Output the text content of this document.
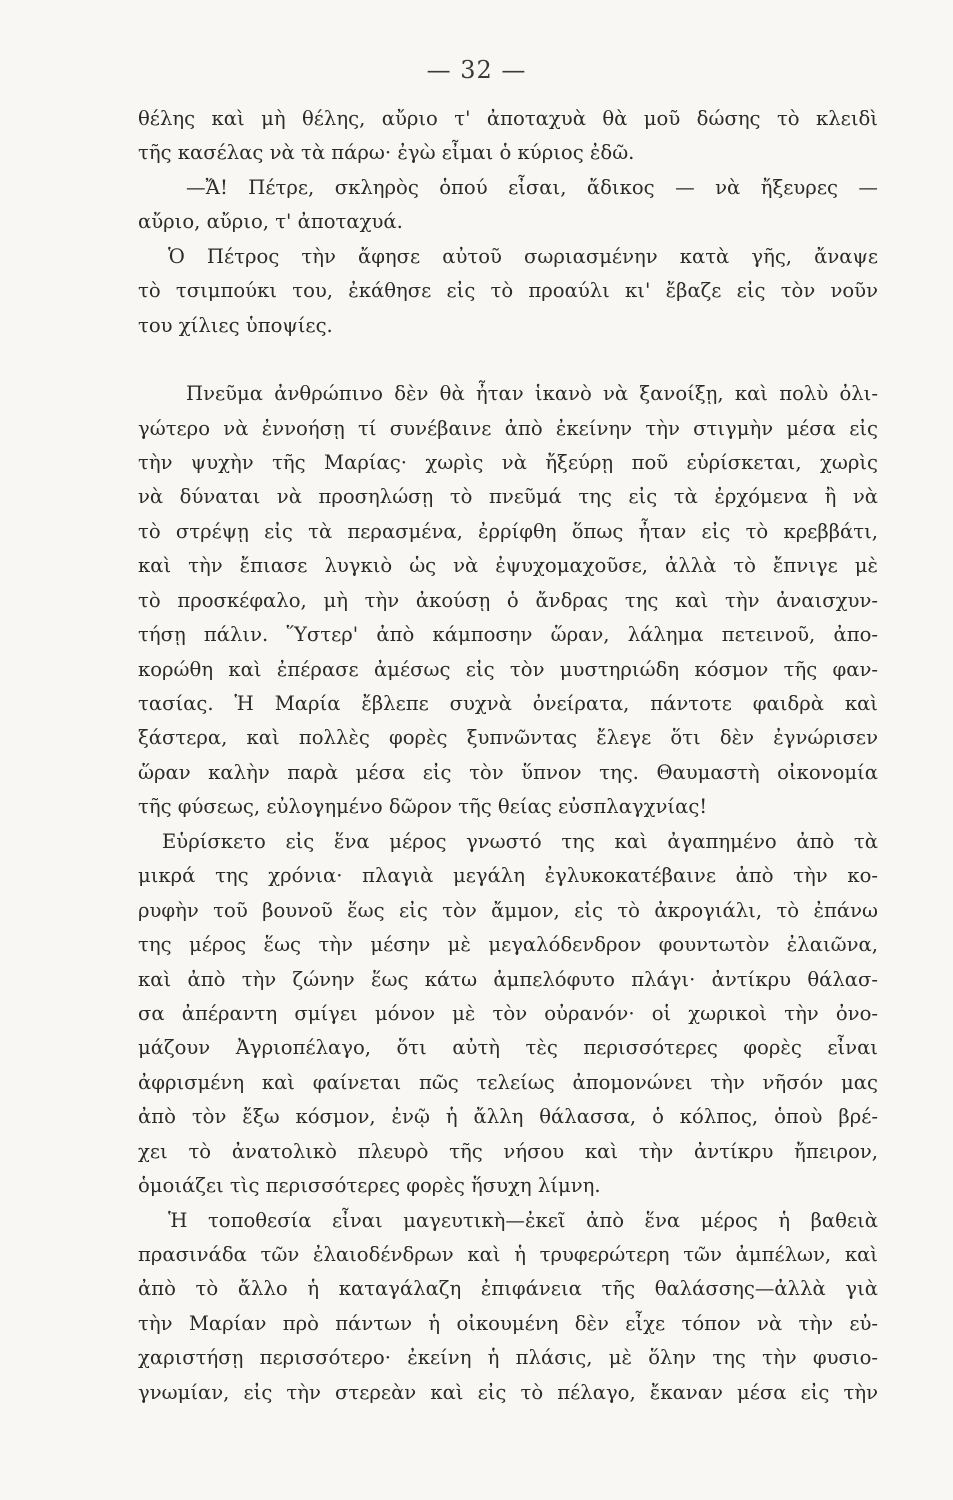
— 32 —
θέλης καὶ μὴ θέλης, αὔριο τ' ἀποταχυὰ θὰ μοῦ δώσης τὸ κλειδὶ
τῆς κασέλας νὰ τὰ πάρω· ἐγὼ εἶμαι ὁ κύριος ἐδῶ.
—Ἄ! Πέτρε, σκληρὸς ὁπού εἶσαι, ἄδικος — νὰ ἤξευρες —
αὔριο, αὔριο, τ' ἀποταχυά.
Ὁ Πέτρος τὴν ἄφησε αὐτοῦ σωριασμένην κατὰ γῆς, ἄναψε
τὸ τσιμπούκι του, ἐκάθησε εἰς τὸ προαύλι κι' ἔβαζε εἰς τὸν νοῦν
του χίλιες ὑποψίες.
Πνεῦμα ἀνθρώπινο δὲν θὰ ἦταν ἱκανὸ νὰ ξανοίξῃ, καὶ πολὺ ὀλι-
γώτερο νὰ ἐννοήσῃ τί συνέβαινε ἀπὸ ἐκείνην τὴν στιγμὴν μέσα εἰς
τὴν ψυχὴν τῆς Μαρίας· χωρὶς νὰ ἤξεύρῃ ποῦ εὑρίσκεται, χωρὶς
νὰ δύναται νὰ προσηλώσῃ τὸ πνεῦμά της εἰς τὰ ἐρχόμενα ἢ νὰ
τὸ στρέψῃ εἰς τὰ περασμένα, ἐρρίφθη ὅπως ἦταν εἰς τὸ κρεββάτι,
καὶ τὴν ἔπιασε λυγκιὸ ὡς νὰ ἐψυχομαχοῦσε, ἀλλὰ τὸ ἔπνιγε μὲ
τὸ προσκέφαλο, μὴ τὴν ἀκούσῃ ὁ ἄνδρας της καὶ τὴν ἀναισχυν-
τήσῃ πάλιν. Ὕστερ' ἀπὸ κάμποσην ὥραν, λάλημα πετεινοῦ, ἀπο-
κορώθη καὶ ἐπέρασε ἀμέσως εἰς τὸν μυστηριώδη κόσμον τῆς φαν-
τασίας. Ἡ Μαρία ἔβλεπε συχνὰ ὀνείρατα, πάντοτε φαιδρὰ καὶ
ξάστερα, καὶ πολλὲς φορὲς ξυπνῶντας ἔλεγε ὅτι δὲν ἐγνώρισεν
ὥραν καλὴν παρὰ μέσα εἰς τὸν ὕπνον της. Θαυμαστὴ οἰκονομία
τῆς φύσεως, εὐλογημένο δῶρον τῆς θείας εὐσπλαγχνίας!
Εὑρίσκετο εἰς ἕνα μέρος γνωστό της καὶ ἀγαπημένο ἀπὸ τὰ
μικρά της χρόνια· πλαγιὰ μεγάλη ἐγλυκοκατέβαινε ἀπὸ τὴν κο-
ρυφὴν τοῦ βουνοῦ ἕως εἰς τὸν ἄμμον, εἰς τὸ ἀκρογιάλι, τὸ ἐπάνω
της μέρος ἕως τὴν μέσην μὲ μεγαλόδενδρον φουντωτὸν ἐλαιῶνα,
καὶ ἀπὸ τὴν ζώνην ἕως κάτω ἀμπελόφυτο πλάγι· ἀντίκρυ θάλασ-
σα ἀπέραντη σμίγει μόνον μὲ τὸν οὐρανόν· οἱ χωρικοὶ τὴν ὀνο-
μάζουν Ἀγριοπέλαγο, ὅτι αὐτὴ τὲς περισσότερες φορὲς εἶναι
ἀφρισμένη καὶ φαίνεται πῶς τελείως ἀπομονώνει τὴν νῆσόν μας
ἀπὸ τὸν ἔξω κόσμον, ἐνῷ ἡ ἄλλη θάλασσα, ὁ κόλπος, ὁποὺ βρέ-
χει τὸ ἀνατολικὸ πλευρὸ τῆς νήσου καὶ τὴν ἀντίκρυ ἤπειρον,
ὁμοιάζει τὶς περισσότερες φορὲς ἥσυχη λίμνη.
Ἡ τοποθεσία εἶναι μαγευτικὴ—ἐκεῖ ἀπὸ ἕνα μέρος ἡ βαθειὰ
πρασινάδα τῶν ἐλαιοδένδρων καὶ ἡ τρυφερώτερη τῶν ἀμπέλων, καὶ
ἀπὸ τὸ ἄλλο ἡ καταγάλαζη ἐπιφάνεια τῆς θαλάσσης—ἀλλὰ γιὰ
τὴν Μαρίαν πρὸ πάντων ἡ οἰκουμένη δὲν εἶχε τόπον νὰ τὴν εὐ-
χαριστήσῃ περισσότερο· ἐκείνη ἡ πλάσις, μὲ ὅλην της τὴν φυσιο-
γνωμίαν, εἰς τὴν στερεὰν καὶ εἰς τὸ πέλαγο, ἔκαναν μέσα εἰς τὴν
